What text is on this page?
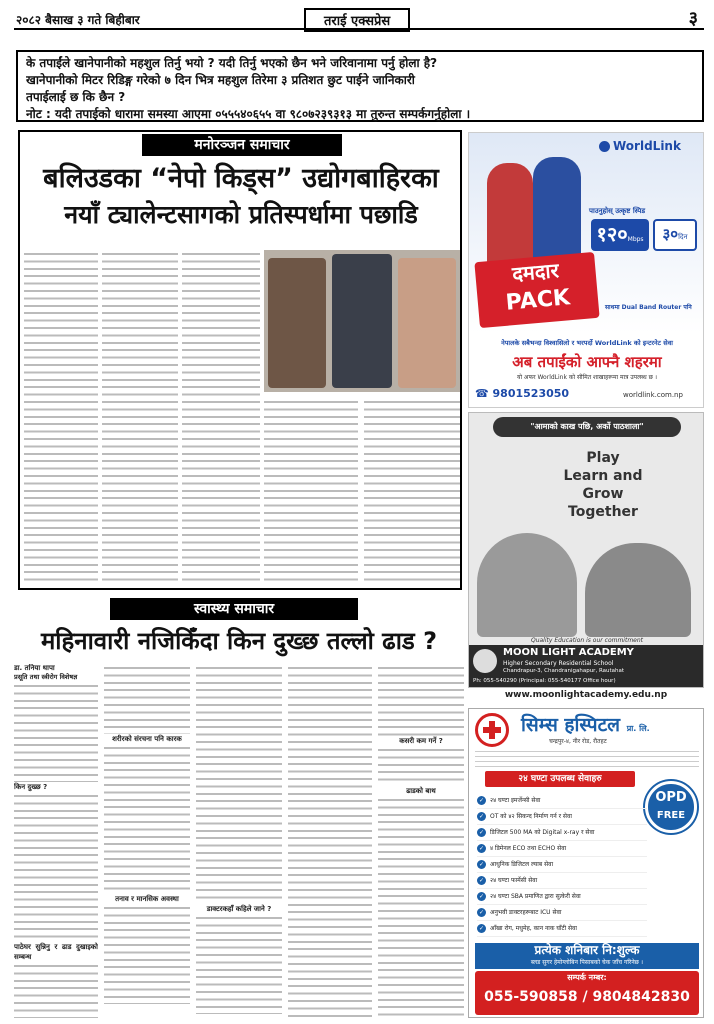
२०८२ बैसाख ३ गते बिहीबार	तराई एक्सप्रेस	३
के तपाईंले खानेपानीको महशुल तिर्नु भयो ? यदी तिर्नु भएको छैन भने जरिवानामा पर्नु होला है?
खानेपानीको मिटर रिडिङ्ग गरेको ७ दिन भित्र महशुल तिरेमा ३ प्रतिशत छुट पाईने जानिकारी
तपाईलाई छ कि छैन ?
नोट : यदी तपाईको धारामा समस्या आएमा ०५५५४०६५५ वा ९८०७२३९३१३ मा तुरुन्त सम्पर्कगर्नुहोला ।
मनोरञ्जन समाचार
बलिउडका “नेपो किड्स” उद्योगबाहिरका
नयाँ ट्यालेन्टसागको प्रतिस्पर्धामा पछाडि
स्वास्थ्य समाचार
महिनावारी नजिकिँदा किन दुख्छ तल्लो ढाड ?
डा. तनिया थापा
प्रसूति तथा स्त्रीरोग विशेषज्ञ
किन दुख्छ ?
पाठेघर सुन्निनु र ढाड दुखाइको सम्बन्ध
शरीरको संरचना पनि कारक
तनाव र मानसिक अवस्था
डाक्टरकहाँ कहिले जाने ?
कसरी कम गर्ने ?
ढाडको बाथ
WorldLink
पाउनुहोस् उत्कृष्ट स्पिड
१२०Mbps	३०दिन
दमदार
PACK	साथमा Dual Band Router पनि
नेपालके सबैभन्दा विश्वासिलो र भरपर्दो WorldLink को इन्टरनेट सेवा
अब तपाईंको आफ्नै शहरमा
यो अफर WorldLink को सीमित शाखाहरूमा मात्र उपलब्ध छ ।
☎ 9801523050	worldlink.com.np
"आमाको काख पछि, अर्को पाठशाला"
Play
Learn and
Grow
Together
Quality Education is our commitment
MOON LIGHT ACADEMY
Higher Secondary Residential School
Chandrapur-3, Chandranigahapur, Rautahat
Ph: 055-540290 (Principal: 055-540177 Office hour)
www.moonlightacademy.edu.np
सिम्स हस्पिटल प्रा. लि.
चन्द्रपुर-४, नीर रोड, रौतहट
२४ घण्टा उपलब्ध सेवाहरु
OPD
FREE
✓ २४ घण्टा इमर्जेन्सी सेवा
✓ OT को ४२ सिकन्द निर्माण गर्न र सेवा
✓ डिजिटल 500 MA को Digital x-ray र सेवा
✓ ४ डिमेनल ECO तथा ECHO सेवा
✓ आधुनिक डिजिटल ल्याब सेवा
✓ २४ घण्टा फार्मेसी सेवा
✓ २४ घण्टा SBA प्रमाणित द्वारा सुत्केरी सेवा
✓ अनुभवी डाक्टरहरूबाट ICU सेवा
✓ आँखा रोग, मधुमेह, कान नाक घाँटी सेवा
प्रत्येक शनिबार नि:शुल्क
ब्लड सुगर हेमोग्लोबिन पिसाबको चेक जाँच गरिनेछ ।
सम्पर्क नम्बर:
055-590858 / 9804842830
